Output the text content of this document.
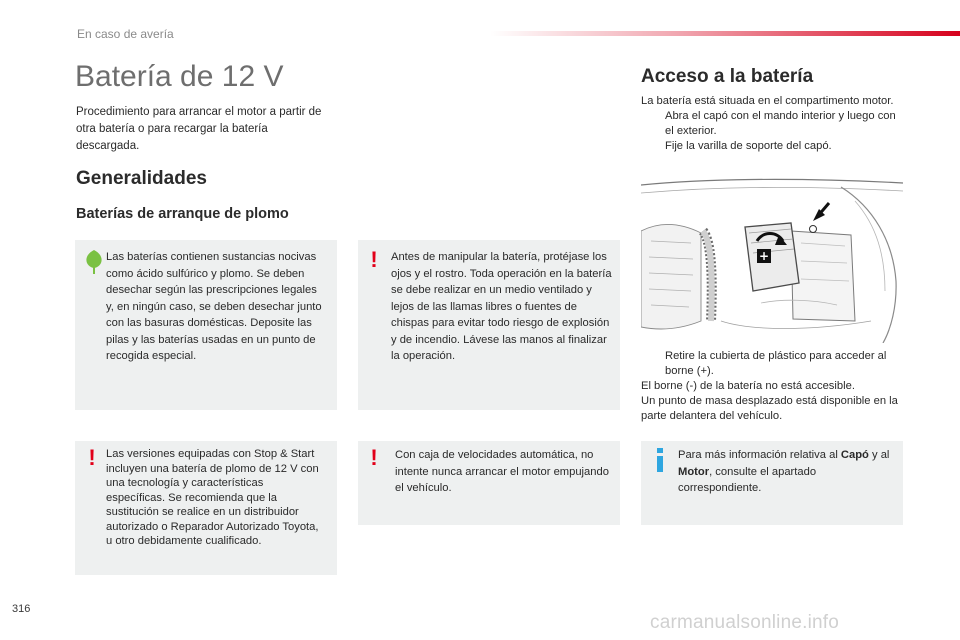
En caso de avería
Batería de 12 V
Procedimiento para arrancar el motor a partir de otra batería o para recargar la batería descargada.
Generalidades
Baterías de arranque de plomo
Las baterías contienen sustancias nocivas como ácido sulfúrico y plomo. Se deben desechar según las prescripciones legales y, en ningún caso, se deben desechar junto con las basuras domésticas. Deposite las pilas y las baterías usadas en un punto de recogida especial.
! Las versiones equipadas con Stop & Start incluyen una batería de plomo de 12 V con una tecnología y características específicas. Se recomienda que la sustitución se realice en un distribuidor autorizado o Reparador Autorizado Toyota, u otro debidamente cualificado.
! Antes de manipular la batería, protéjase los ojos y el rostro. Toda operación en la batería se debe realizar en un medio ventilado y lejos de las llamas libres o fuentes de chispas para evitar todo riesgo de explosión y de incendio. Lávese las manos al finalizar la operación.
! Con caja de velocidades automática, no intente nunca arrancar el motor empujando el vehículo.
Acceso a la batería
La batería está situada en el compartimento motor.
Abra el capó con el mando interior y luego con el exterior.
Fije la varilla de soporte del capó.
+
Retire la cubierta de plástico para acceder al borne (+).
El borne (-) de la batería no está accesible.
Un punto de masa desplazado está disponible en la parte delantera del vehículo.
Para más información relativa al Capó y al Motor, consulte el apartado correspondiente.
316
carmanualsonline.info
